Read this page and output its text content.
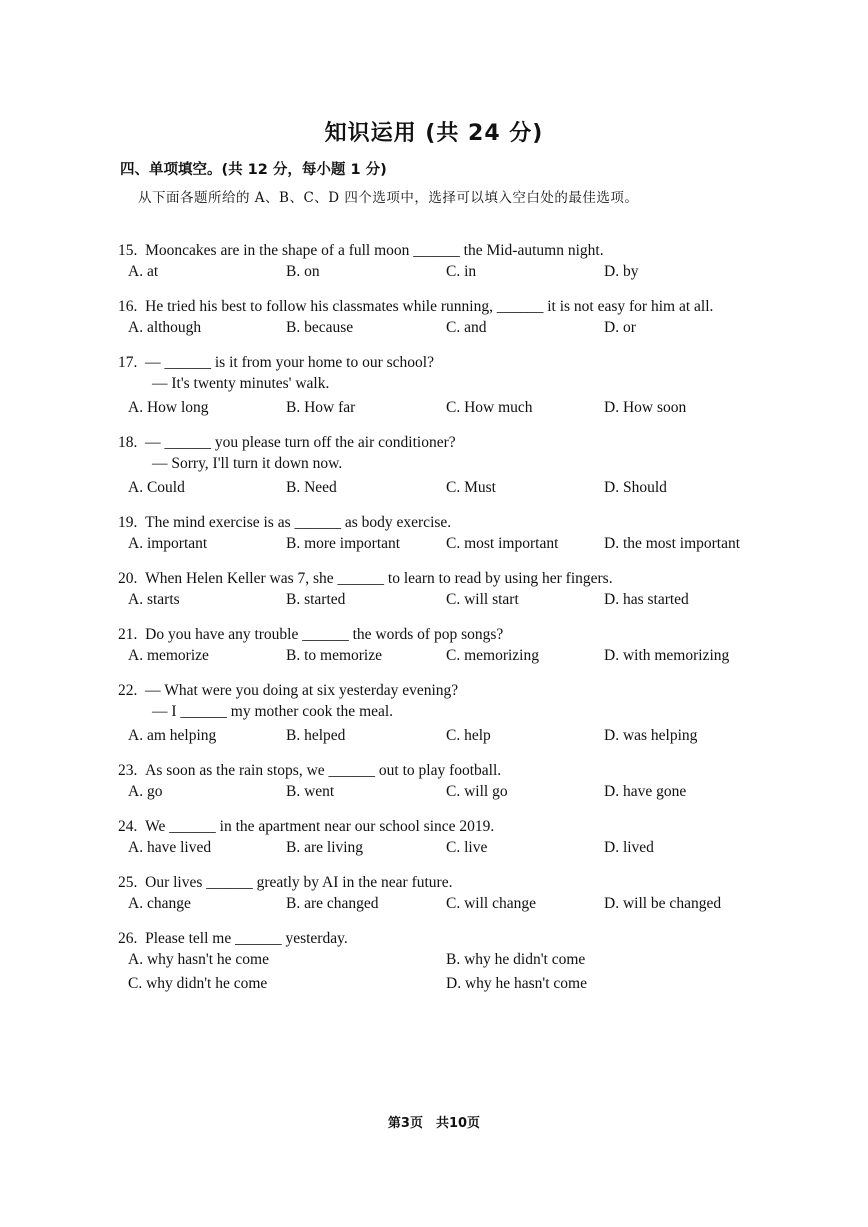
知识运用 (共 24 分)
四、单项填空。(共 12 分，每小题 1 分)
从下面各题所给的 A、B、C、D 四个选项中，选择可以填入空白处的最佳选项。
15. Mooncakes are in the shape of a full moon ______ the Mid-autumn night.
A. at	B. on	C. in	D. by
16. He tried his best to follow his classmates while running, ______ it is not easy for him at all.
A. although	B. because	C. and	D. or
17. — ______ is it from your home to our school?
— It's twenty minutes' walk.
A. How long	B. How far	C. How much	D. How soon
18. — ______ you please turn off the air conditioner?
— Sorry, I'll turn it down now.
A. Could	B. Need	C. Must	D. Should
19. The mind exercise is as ______ as body exercise.
A. important	B. more important	C. most important	D. the most important
20. When Helen Keller was 7, she ______ to learn to read by using her fingers.
A. starts	B. started	C. will start	D. has started
21. Do you have any trouble ______ the words of pop songs?
A. memorize	B. to memorize	C. memorizing	D. with memorizing
22. — What were you doing at six yesterday evening?
— I ______ my mother cook the meal.
A. am helping	B. helped	C. help	D. was helping
23. As soon as the rain stops, we ______ out to play football.
A. go	B. went	C. will go	D. have gone
24. We ______ in the apartment near our school since 2019.
A. have lived	B. are living	C. live	D. lived
25. Our lives ______ greatly by AI in the near future.
A. change	B. are changed	C. will change	D. will be changed
26. Please tell me ______ yesterday.
A. why hasn't he come	B. why he didn't come
C. why didn't he come	D. why he hasn't come
第3页　共10页
